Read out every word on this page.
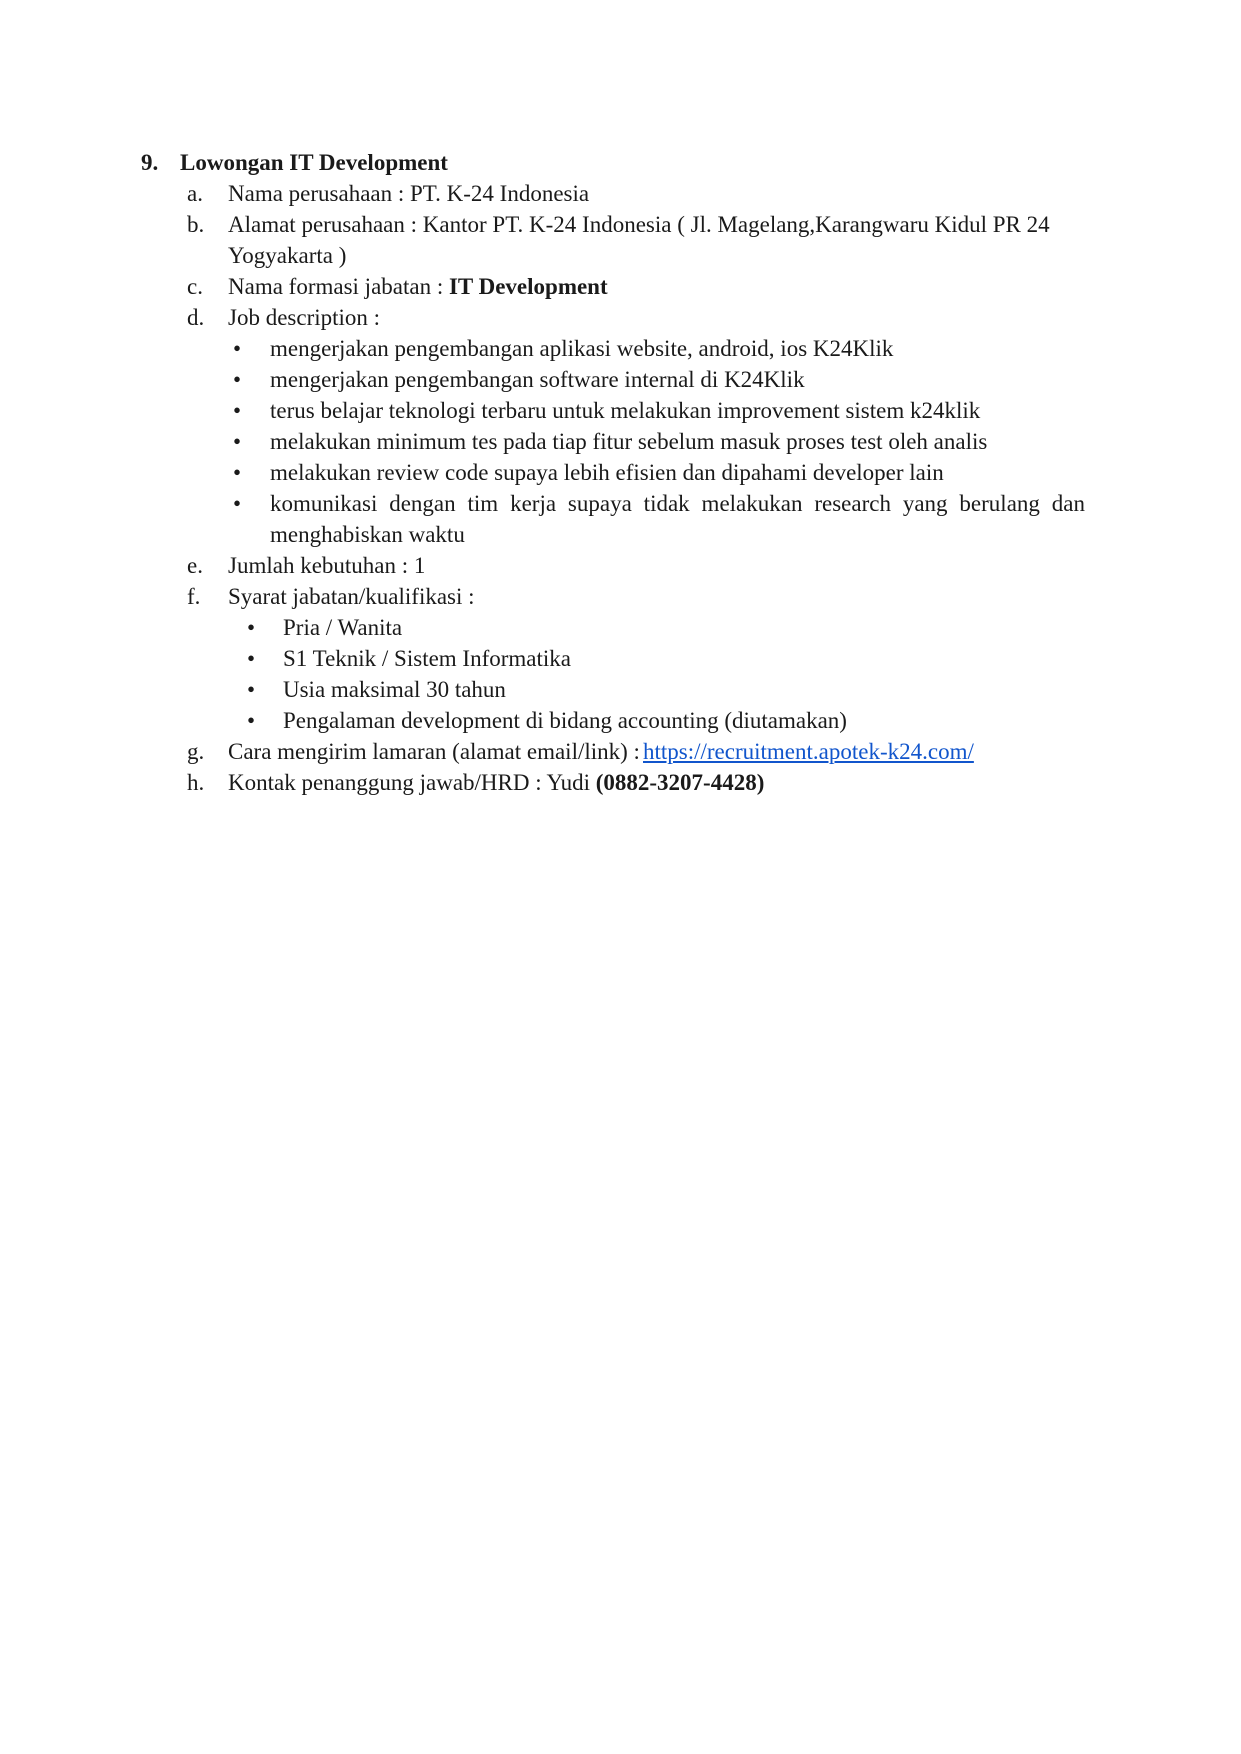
9. Lowongan IT Development
a. Nama perusahaan : PT. K-24 Indonesia
b. Alamat perusahaan : Kantor PT. K-24 Indonesia ( Jl. Magelang,Karangwaru Kidul PR 24
Yogyakarta )
c. Nama formasi jabatan : IT Development
d. Job description :
• mengerjakan pengembangan aplikasi website, android, ios K24Klik
• mengerjakan pengembangan software internal di K24Klik
• terus belajar teknologi terbaru untuk melakukan improvement sistem k24klik
• melakukan minimum tes pada tiap fitur sebelum masuk proses test oleh analis
• melakukan review code supaya lebih efisien dan dipahami developer lain
• komunikasi dengan tim kerja supaya tidak melakukan research yang berulang dan
menghabiskan waktu
e. Jumlah kebutuhan : 1
f. Syarat jabatan/kualifikasi :
• Pria / Wanita
• S1 Teknik / Sistem Informatika
• Usia maksimal 30 tahun
• Pengalaman development di bidang accounting (diutamakan)
g. Cara mengirim lamaran (alamat email/link) : https://recruitment.apotek-k24.com/
h. Kontak penanggung jawab/HRD : Yudi (0882-3207-4428)
